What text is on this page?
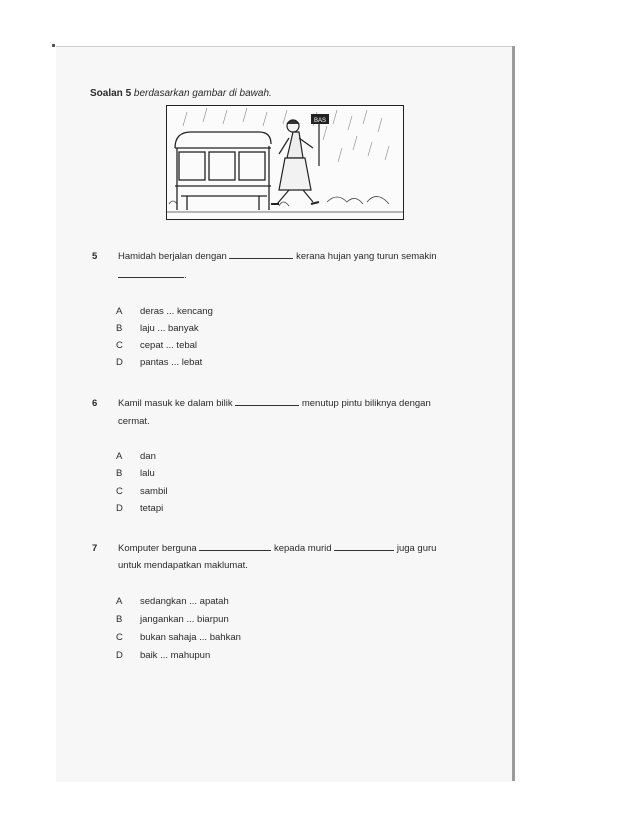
Soalan 5 berdasarkan gambar di bawah.
BAS
5 Hamidah berjalan dengan	kerana hujan yang turun semakin
.
A	deras ... kencang
B	laju ... banyak
C	cepat ... tebal
D	pantas ... lebat
6 Kamil masuk ke dalam bilik	menutup pintu biliknya dengan
cermat.
A	dan
B	lalu
C	sambil
D	tetapi
7 Komputer berguna	kepada murid	juga guru
untuk mendapatkan maklumat.
A	sedangkan ... apatah
B	jangankan ... biarpun
C	bukan sahaja ... bahkan
D	baik ... mahupun
